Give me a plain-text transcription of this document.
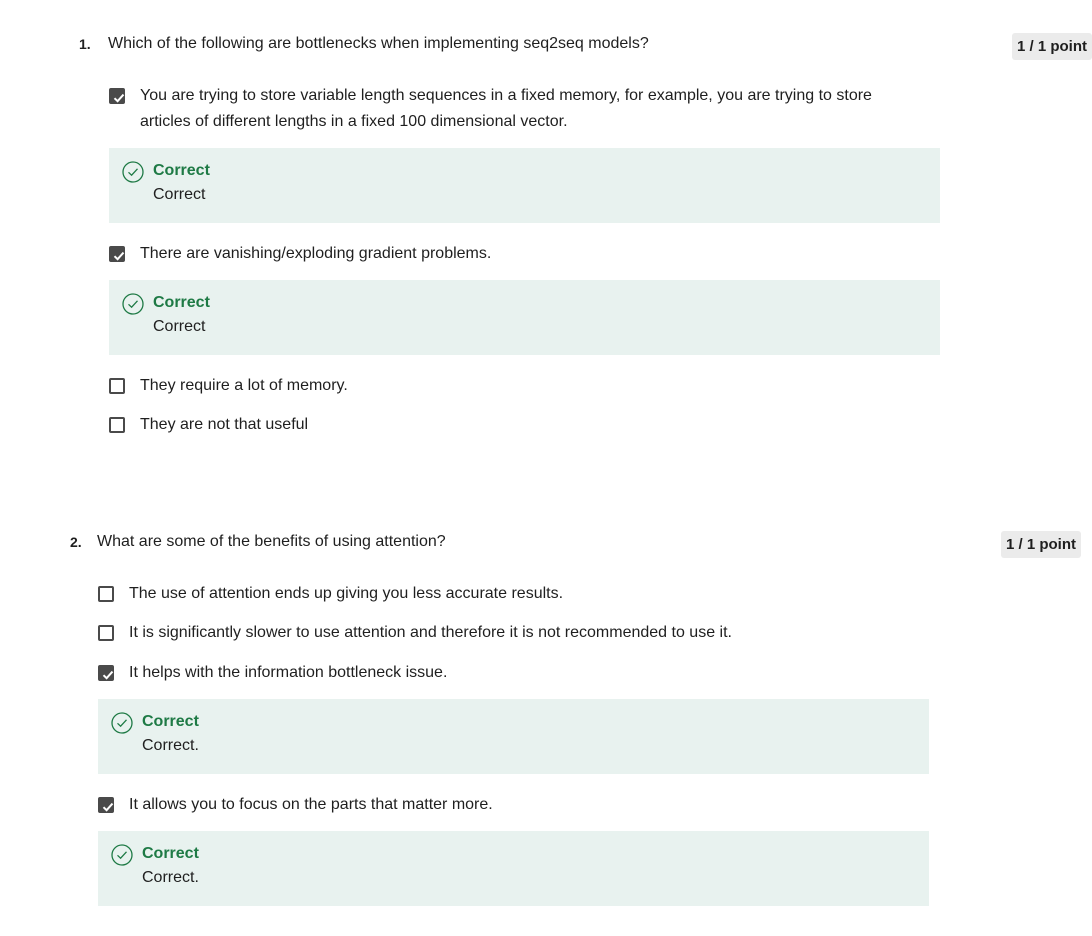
1. Which of the following are bottlenecks when implementing seq2seq models?	1 / 1 point
You are trying to store variable length sequences in a fixed memory, for example, you are trying to store articles of different lengths in a fixed 100 dimensional vector.
Correct
Correct
There are vanishing/exploding gradient problems.
Correct
Correct
They require a lot of memory.
They are not that useful
2. What are some of the benefits of using attention?	1 / 1 point
The use of attention ends up giving you less accurate results.
It is significantly slower to use attention and therefore it is not recommended to use it.
It helps with the information bottleneck issue.
Correct
Correct.
It allows you to focus on the parts that matter more.
Correct
Correct.
